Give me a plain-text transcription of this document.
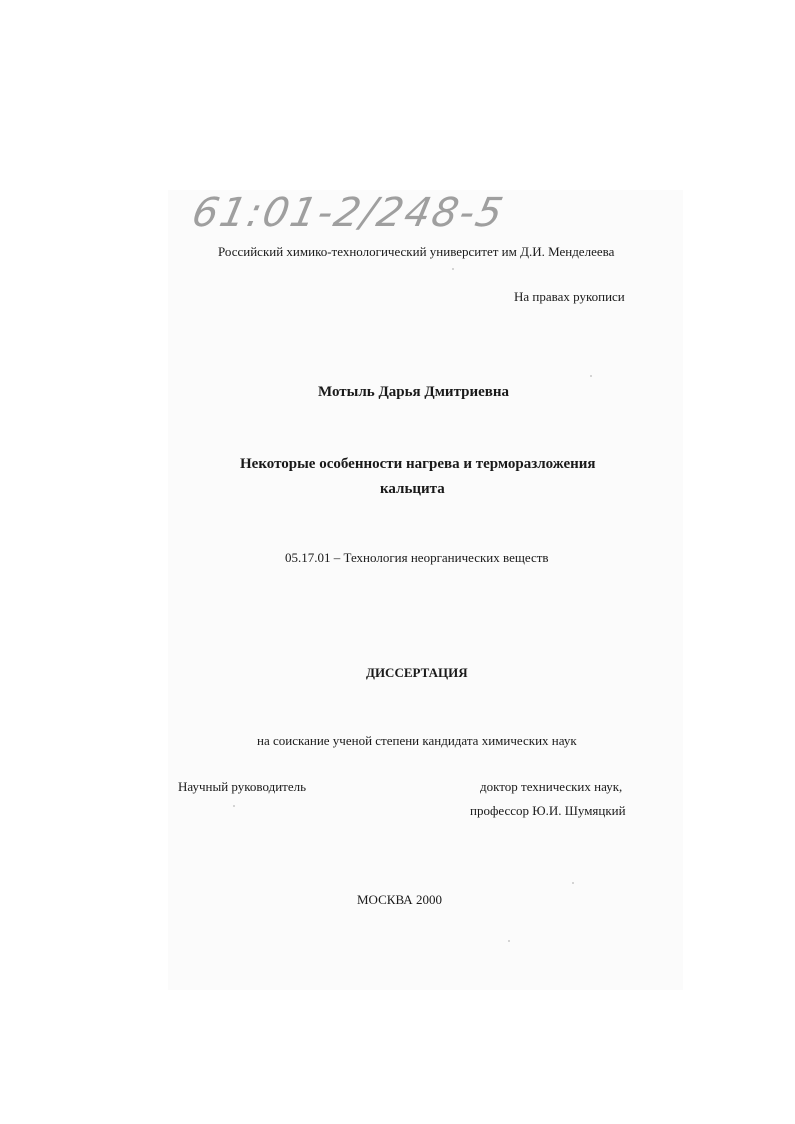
61:01-2/248-5
Российский химико-технологический университет им Д.И. Менделеева
На правах рукописи
Мотыль Дарья Дмитриевна
Некоторые особенности нагрева и терморазложения
кальцита
05.17.01 – Технология неорганических веществ
ДИССЕРТАЦИЯ
на соискание ученой степени кандидата химических наук
Научный руководитель	доктор технических наук,
профессор Ю.И. Шумяцкий
МОСКВА 2000
